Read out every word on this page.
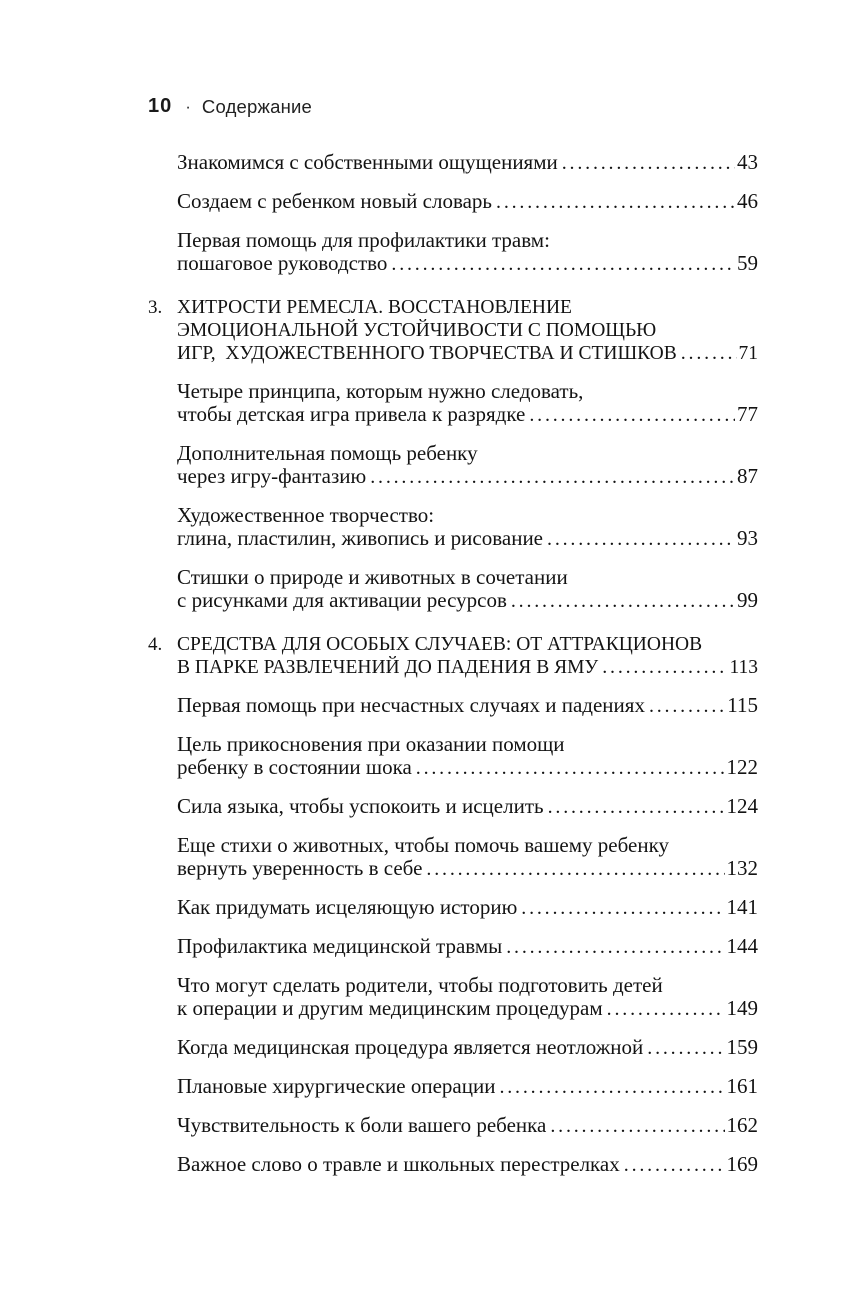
10 · Содержание
Знакомимся с собственными ощущениями .....	43
Создаем с ребенком новый словарь .....	46
Первая помощь для профилактики травм:
пошаговое руководство .....	59
3. ХИТРОСТИ РЕМЕСЛА. ВОССТАНОВЛЕНИЕ
ЭМОЦИОНАЛЬНОЙ УСТОЙЧИВОСТИ С ПОМОЩЬЮ
ИГР,  ХУДОЖЕСТВЕННОГО ТВОРЧЕСТВА И СТИШКОВ .....	71
Четыре принципа, которым нужно следовать,
чтобы детская игра привела к разрядке .....	77
Дополнительная помощь ребенку
через игру-фантазию .....	87
Художественное творчество:
глина, пластилин, живопись и рисование .....	93
Стишки о природе и животных в сочетании
с рисунками для активации ресурсов .....	99
4. СРЕДСТВА ДЛЯ ОСОБЫХ СЛУЧАЕВ: ОТ АТТРАКЦИОНОВ
В ПАРКЕ РАЗВЛЕЧЕНИЙ ДО ПАДЕНИЯ В ЯМУ .....	113
Первая помощь при несчастных случаях и падениях .....	115
Цель прикосновения при оказании помощи
ребенку в состоянии шока .....	122
Сила языка, чтобы успокоить и исцелить .....	124
Еще стихи о животных, чтобы помочь вашему ребенку
вернуть уверенность в себе .....	132
Как придумать исцеляющую историю .....	141
Профилактика медицинской травмы .....	144
Что могут сделать родители, чтобы подготовить детей
к операции и другим медицинским процедурам .....	149
Когда медицинская процедура является неотложной .....	159
Плановые хирургические операции .....	161
Чувствительность к боли вашего ребенка .....	162
Важное слово о травле и школьных перестрелках .....	169
